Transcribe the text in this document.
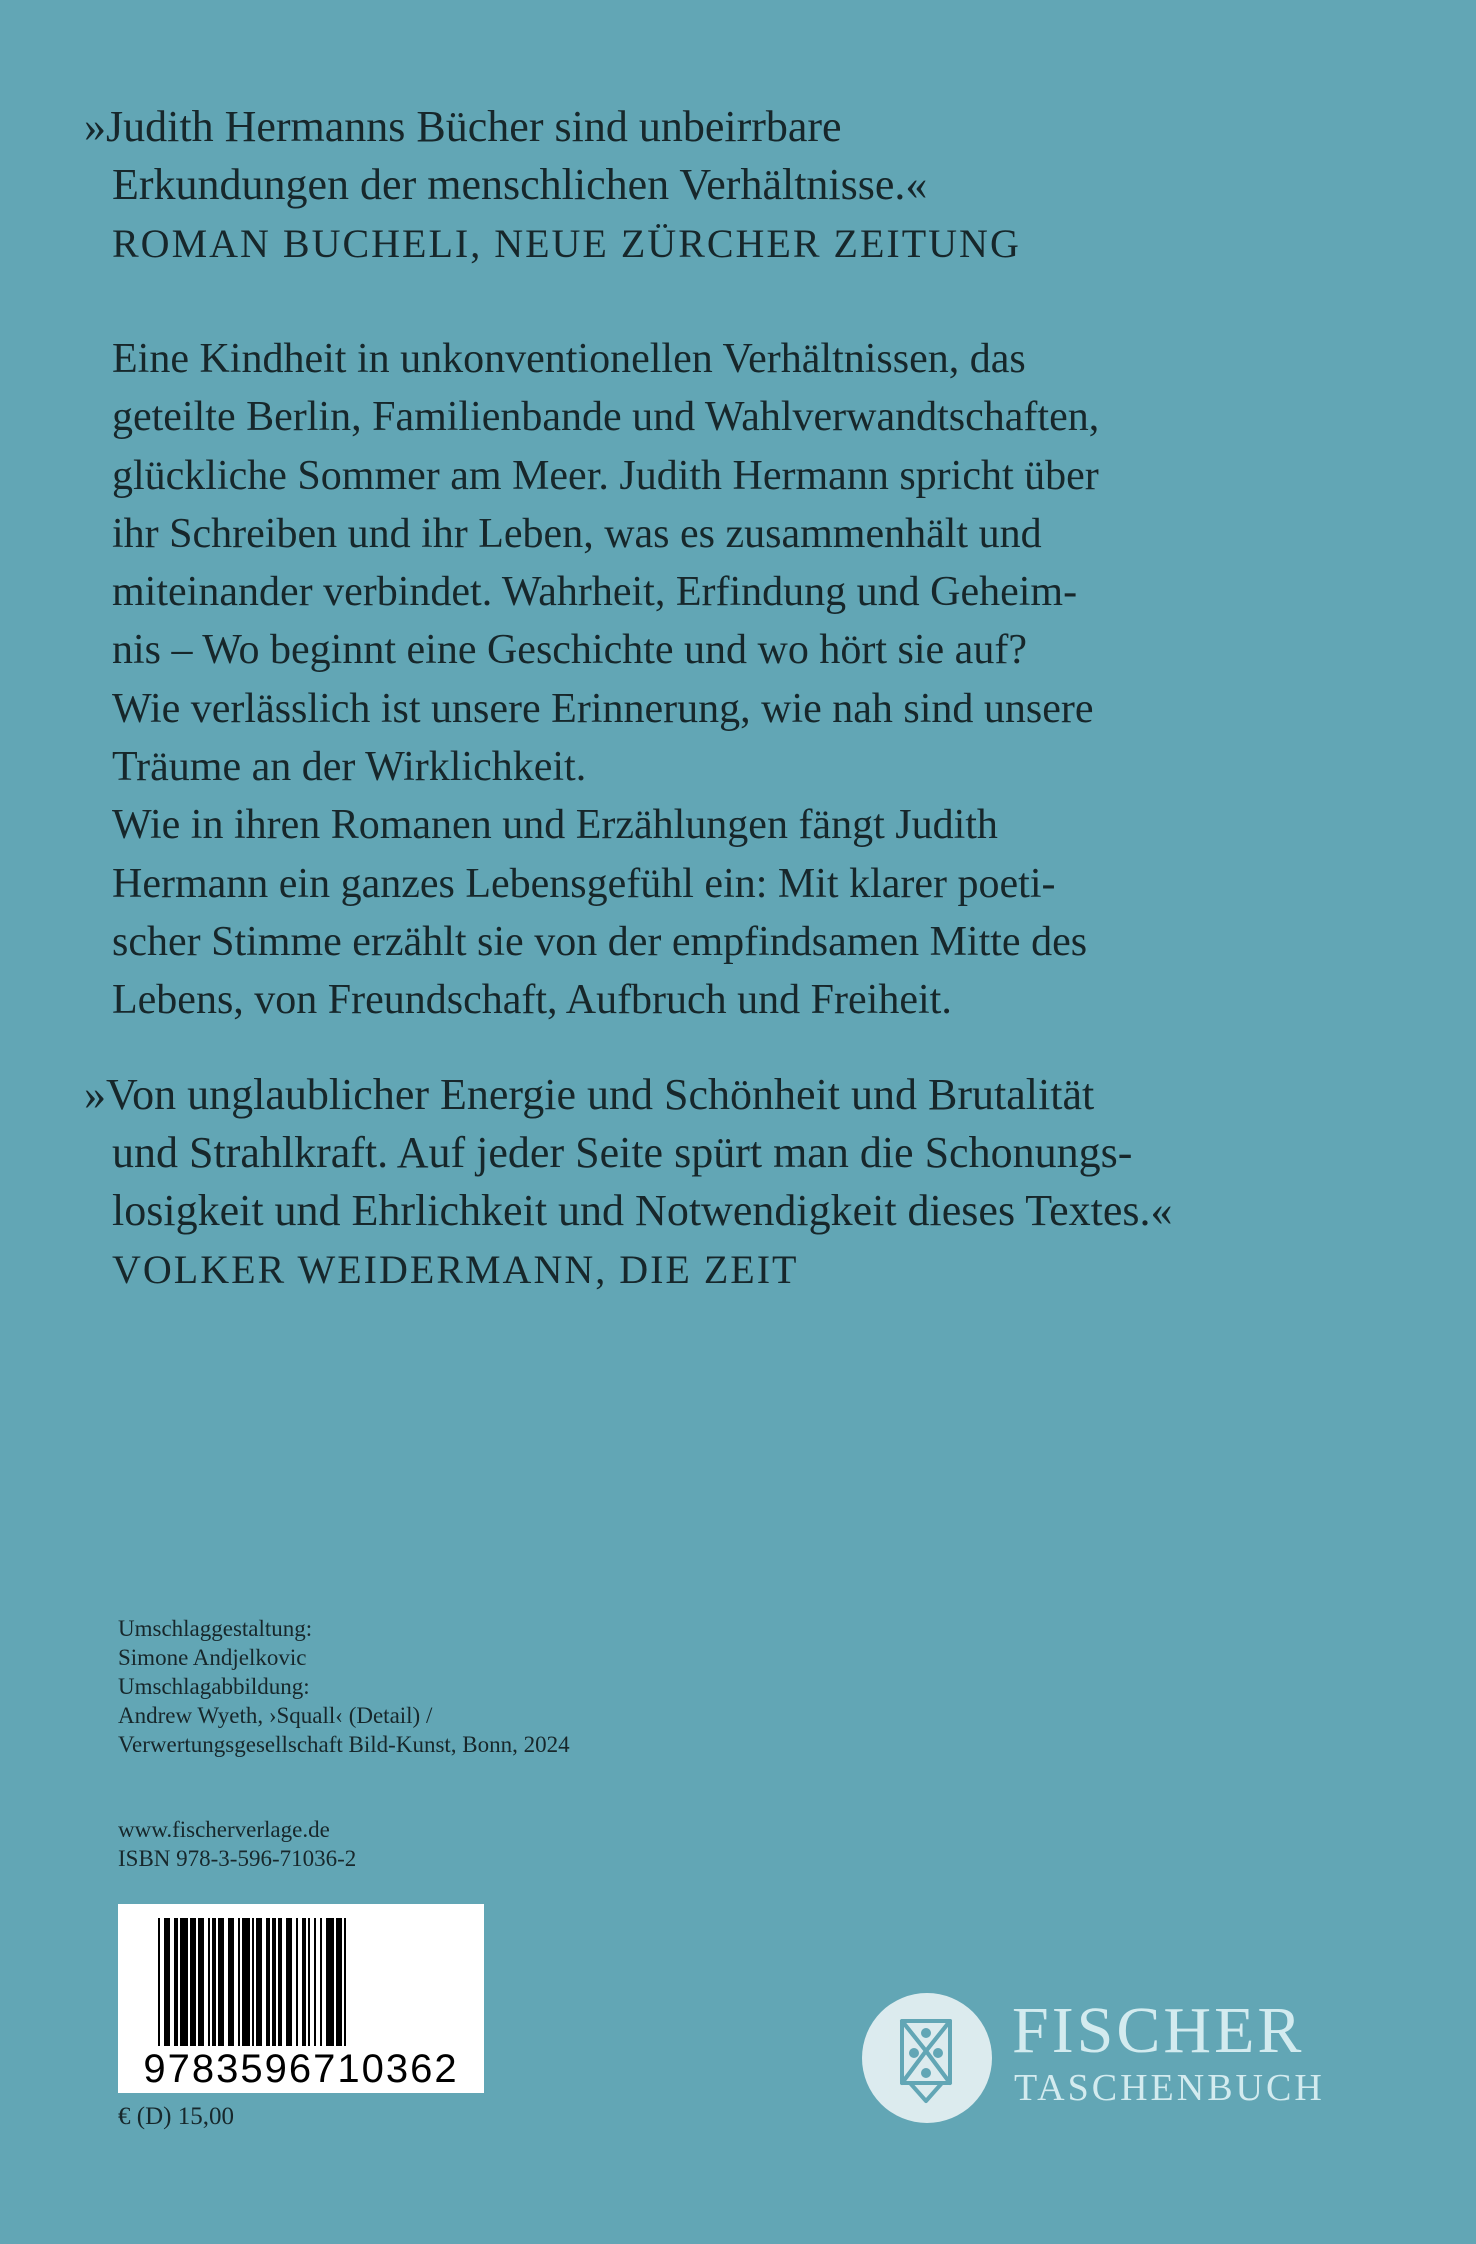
»Judith Hermanns Bücher sind unbeirrbare
Erkundungen der menschlichen Verhältnisse.«
ROMAN BUCHELI, NEUE ZÜRCHER ZEITUNG
Eine Kindheit in unkonventionellen Verhältnissen, das
geteilte Berlin, Familienbande und Wahlverwandtschaften,
glückliche Sommer am Meer. Judith Hermann spricht über
ihr Schreiben und ihr Leben, was es zusammenhält und
miteinander verbindet. Wahrheit, Erfindung und Geheim-
nis – Wo beginnt eine Geschichte und wo hört sie auf?
Wie verlässlich ist unsere Erinnerung, wie nah sind unsere
Träume an der Wirklichkeit.
Wie in ihren Romanen und Erzählungen fängt Judith
Hermann ein ganzes Lebensgefühl ein: Mit klarer poeti-
scher Stimme erzählt sie von der empfindsamen Mitte des
Lebens, von Freundschaft, Aufbruch und Freiheit.
»Von unglaublicher Energie und Schönheit und Brutalität
und Strahlkraft. Auf jeder Seite spürt man die Schonungs-
losigkeit und Ehrlichkeit und Notwendigkeit dieses Textes.«
VOLKER WEIDERMANN, DIE ZEIT
Umschlaggestaltung:
Simone Andjelkovic
Umschlagabbildung:
Andrew Wyeth, ›Squall‹ (Detail) /
Verwertungsgesellschaft Bild-Kunst, Bonn, 2024
www.fischerverlage.de
ISBN 978-3-596-71036-2
9783596710362
€ (D) 15,00
FISCHER
TASCHENBUCH
